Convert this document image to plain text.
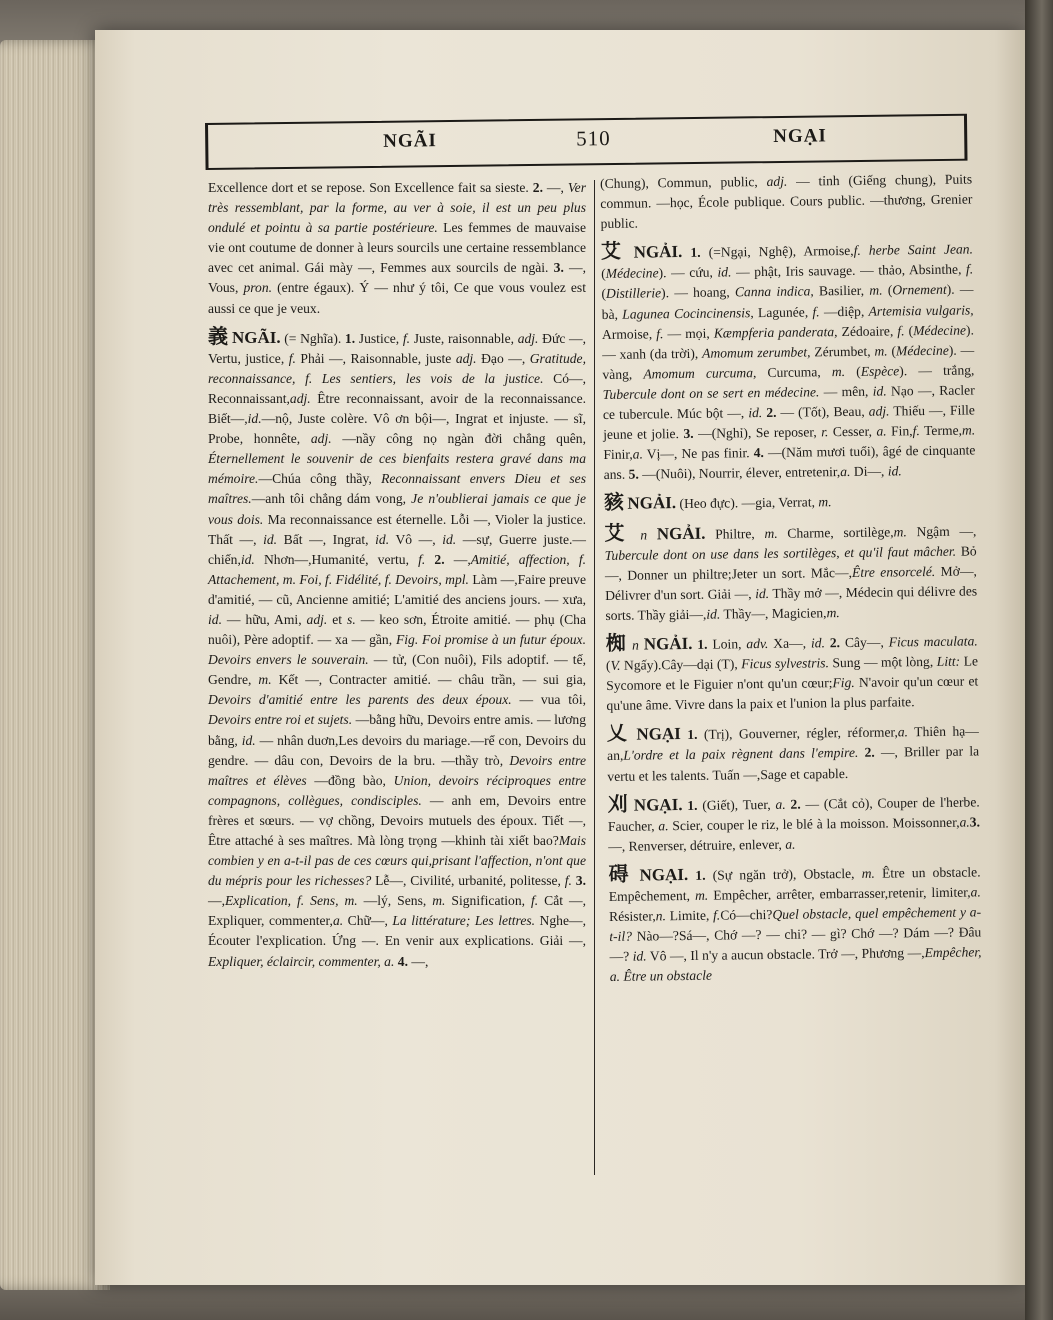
NGÃI	510	NGẠI

Excellence dort et se repose. Son Excellence fait sa sieste. 2. —, Ver très ressemblant, par la forme, au ver à soie, il est un peu plus ondulé et pointu à sa partie postérieure. Les femmes de mauvaise vie ont coutume de donner à leurs sourcils une certaine ressemblance avec cet animal. Gái mày —, Femmes aux sourcils de ngài. 3. —, Vous, pron. (entre égaux). Ý — như ý tôi, Ce que vous voulez est aussi ce que je veux.

義 NGÃI. (= Nghĩa). 1. Justice, f. Juste, raisonnable, adj. Đức —, Vertu, justice, f. Phải —, Raisonnable, juste adj. Đạo —, Gratitude, reconnaissance, f. Les sentiers, les vois de la justice. Có—, Reconnaissant,adj. Être reconnaissant, avoir de la reconnaissance. Biết—,id.—nộ, Juste colère. Vô ơn bội—, Ingrat et injuste. — sĩ, Probe, honnête, adj. —nầy công nọ ngàn đời chẳng quên, Éternellement le souvenir de ces bienfaits restera gravé dans ma mémoire.—Chúa công thầy, Reconnaissant envers Dieu et ses maîtres.—anh tôi chẳng dám vong, Je n'oublierai jamais ce que je vous dois. Ma reconnaissance est éternelle. Lỗi —, Violer la justice. Thất —, id. Bất —, Ingrat, id. Vô —, id. —sự, Guerre juste.—chiến,id. Nhơn—,Humanité, vertu, f. 2. —,Amitié, affection, f. Attachement, m. Foi, f. Fidélité, f. Devoirs, mpl. Làm —,Faire preuve d'amitié, — cũ, Ancienne amitié; L'amitié des anciens jours. — xưa, id. — hữu, Ami, adj. et s. — keo sơn, Étroite amitié. — phụ (Cha nuôi), Père adoptif. — xa — gần, Fig. Foi promise à un futur époux. Devoirs envers le souverain. — tử, (Con nuôi), Fils adoptif. — tế, Gendre, m. Kết —, Contracter amitié. — châu trần, — sui gia, Devoirs d'amitié entre les parents des deux époux. — vua tôi, Devoirs entre roi et sujets. —bằng hữu, Devoirs entre amis. — lương bằng, id. — nhân duơn,Les devoirs du mariage.—rể con, Devoirs du gendre. — dâu con, Devoirs de la bru. —thầy trò, Devoirs entre maîtres et élèves —đồng bào, Union, devoirs réciproques entre compagnons, collègues, condisciples. — anh em, Devoirs entre frères et sœurs. — vợ chồng, Devoirs mutuels des époux. Tiết —, Être attaché à ses maîtres. Mà lòng trọng —khinh tài xiết bao?Mais combien y en a-t-il pas de ces cœurs qui,prisant l'affection, n'ont que du mépris pour les richesses? Lễ—, Civilité, urbanité, politesse, f. 3. —,Explication, f. Sens, m. —lý, Sens, m. Signification, f. Cắt —, Expliquer, commenter,a. Chữ—, La littérature; Les lettres. Nghe—, Écouter l'explication. Ứng —. En venir aux explications. Giải —, Expliquer, éclaircir, commenter, a. 4. —,

(Chung), Commun, public, adj. — tỉnh (Giếng chung), Puits commun. —học, École publique. Cours public. —thương, Grenier public.

艾 NGẢI. 1. (=Ngại, Nghệ), Armoise,f. herbe Saint Jean. (Médecine). — cứu, id. — phật, Iris sauvage. — thảo, Absinthe, f. (Distillerie). — hoang, Canna indica, Basilier, m. (Ornement). — bà, Lagunea Cocincinensis, Lagunée, f. —diệp, Artemisia vulgaris, Armoise, f. — mọi, Kæmpferia panderata, Zédoaire, f. (Médecine). — xanh (da trời), Amomum zerumbet, Zérumbet, m. (Médecine). — vàng, Amomum curcuma, Curcuma, m. (Espèce). — trắng, Tubercule dont on se sert en médecine. — mên, id. Nạo —, Racler ce tubercule. Múc bột —, id. 2. — (Tốt), Beau, adj. Thiếu —, Fille jeune et jolie. 3. —(Nghỉ), Se reposer, r. Cesser, a. Fin,f. Terme,m. Finir,a. Vị—, Ne pas finir. 4. —(Năm mươi tuổi), âgé de cinquante ans. 5. —(Nuôi), Nourrir, élever, entretenir,a. Di—, id.

豥 NGẢI. (Heo đực). —gia, Verrat, m.

艾 n NGẢI. Philtre, m. Charme, sortilège,m. Ngậm —, Tubercule dont on use dans les sortilèges, et qu'il faut mâcher. Bỏ—, Donner un philtre;Jeter un sort. Mắc—,Être ensorcelé. Mở—, Délivrer d'un sort. Giải —, id. Thầy mở —, Médecin qui délivre des sorts. Thầy giải—,id. Thầy—, Magicien,m.

椥 n NGẢI. 1. Loin, adv. Xa—, id. 2. Cây—, Ficus maculata. (V. Ngấy).Cây—dại (T), Ficus sylvestris. Sung — một lòng, Litt: Le Sycomore et le Figuier n'ont qu'un cœur;Fig. N'avoir qu'un cœur et qu'une âme. Vivre dans la paix et l'union la plus parfaite.

乂 NGẠI 1. (Trị), Gouverner, régler, réformer,a. Thiên hạ—an,L'ordre et la paix règnent dans l'empire. 2. —, Briller par la vertu et les talents. Tuấn —,Sage et capable.

刈 NGẠI. 1. (Giết), Tuer, a. 2. — (Cắt cỏ), Couper de l'herbe. Faucher, a. Scier, couper le riz, le blé à la moisson. Moissonner,a.3.—, Renverser, détruire, enlever, a.

碍 NGẠI. 1. (Sự ngăn trở), Obstacle, m. Être un obstacle. Empêchement, m. Empêcher, arrêter, embarrasser,retenir, limiter,a. Résister,n. Limite, f.Có—chi?Quel obstacle, quel empêchement y a-t-il? Nào—?Sá—, Chớ —? — chi? — gì? Chớ —? Dám —? Đâu —? id. Vô —, Il n'y a aucun obstacle. Trở —, Phương —,Empêcher, a. Être un obstacle
